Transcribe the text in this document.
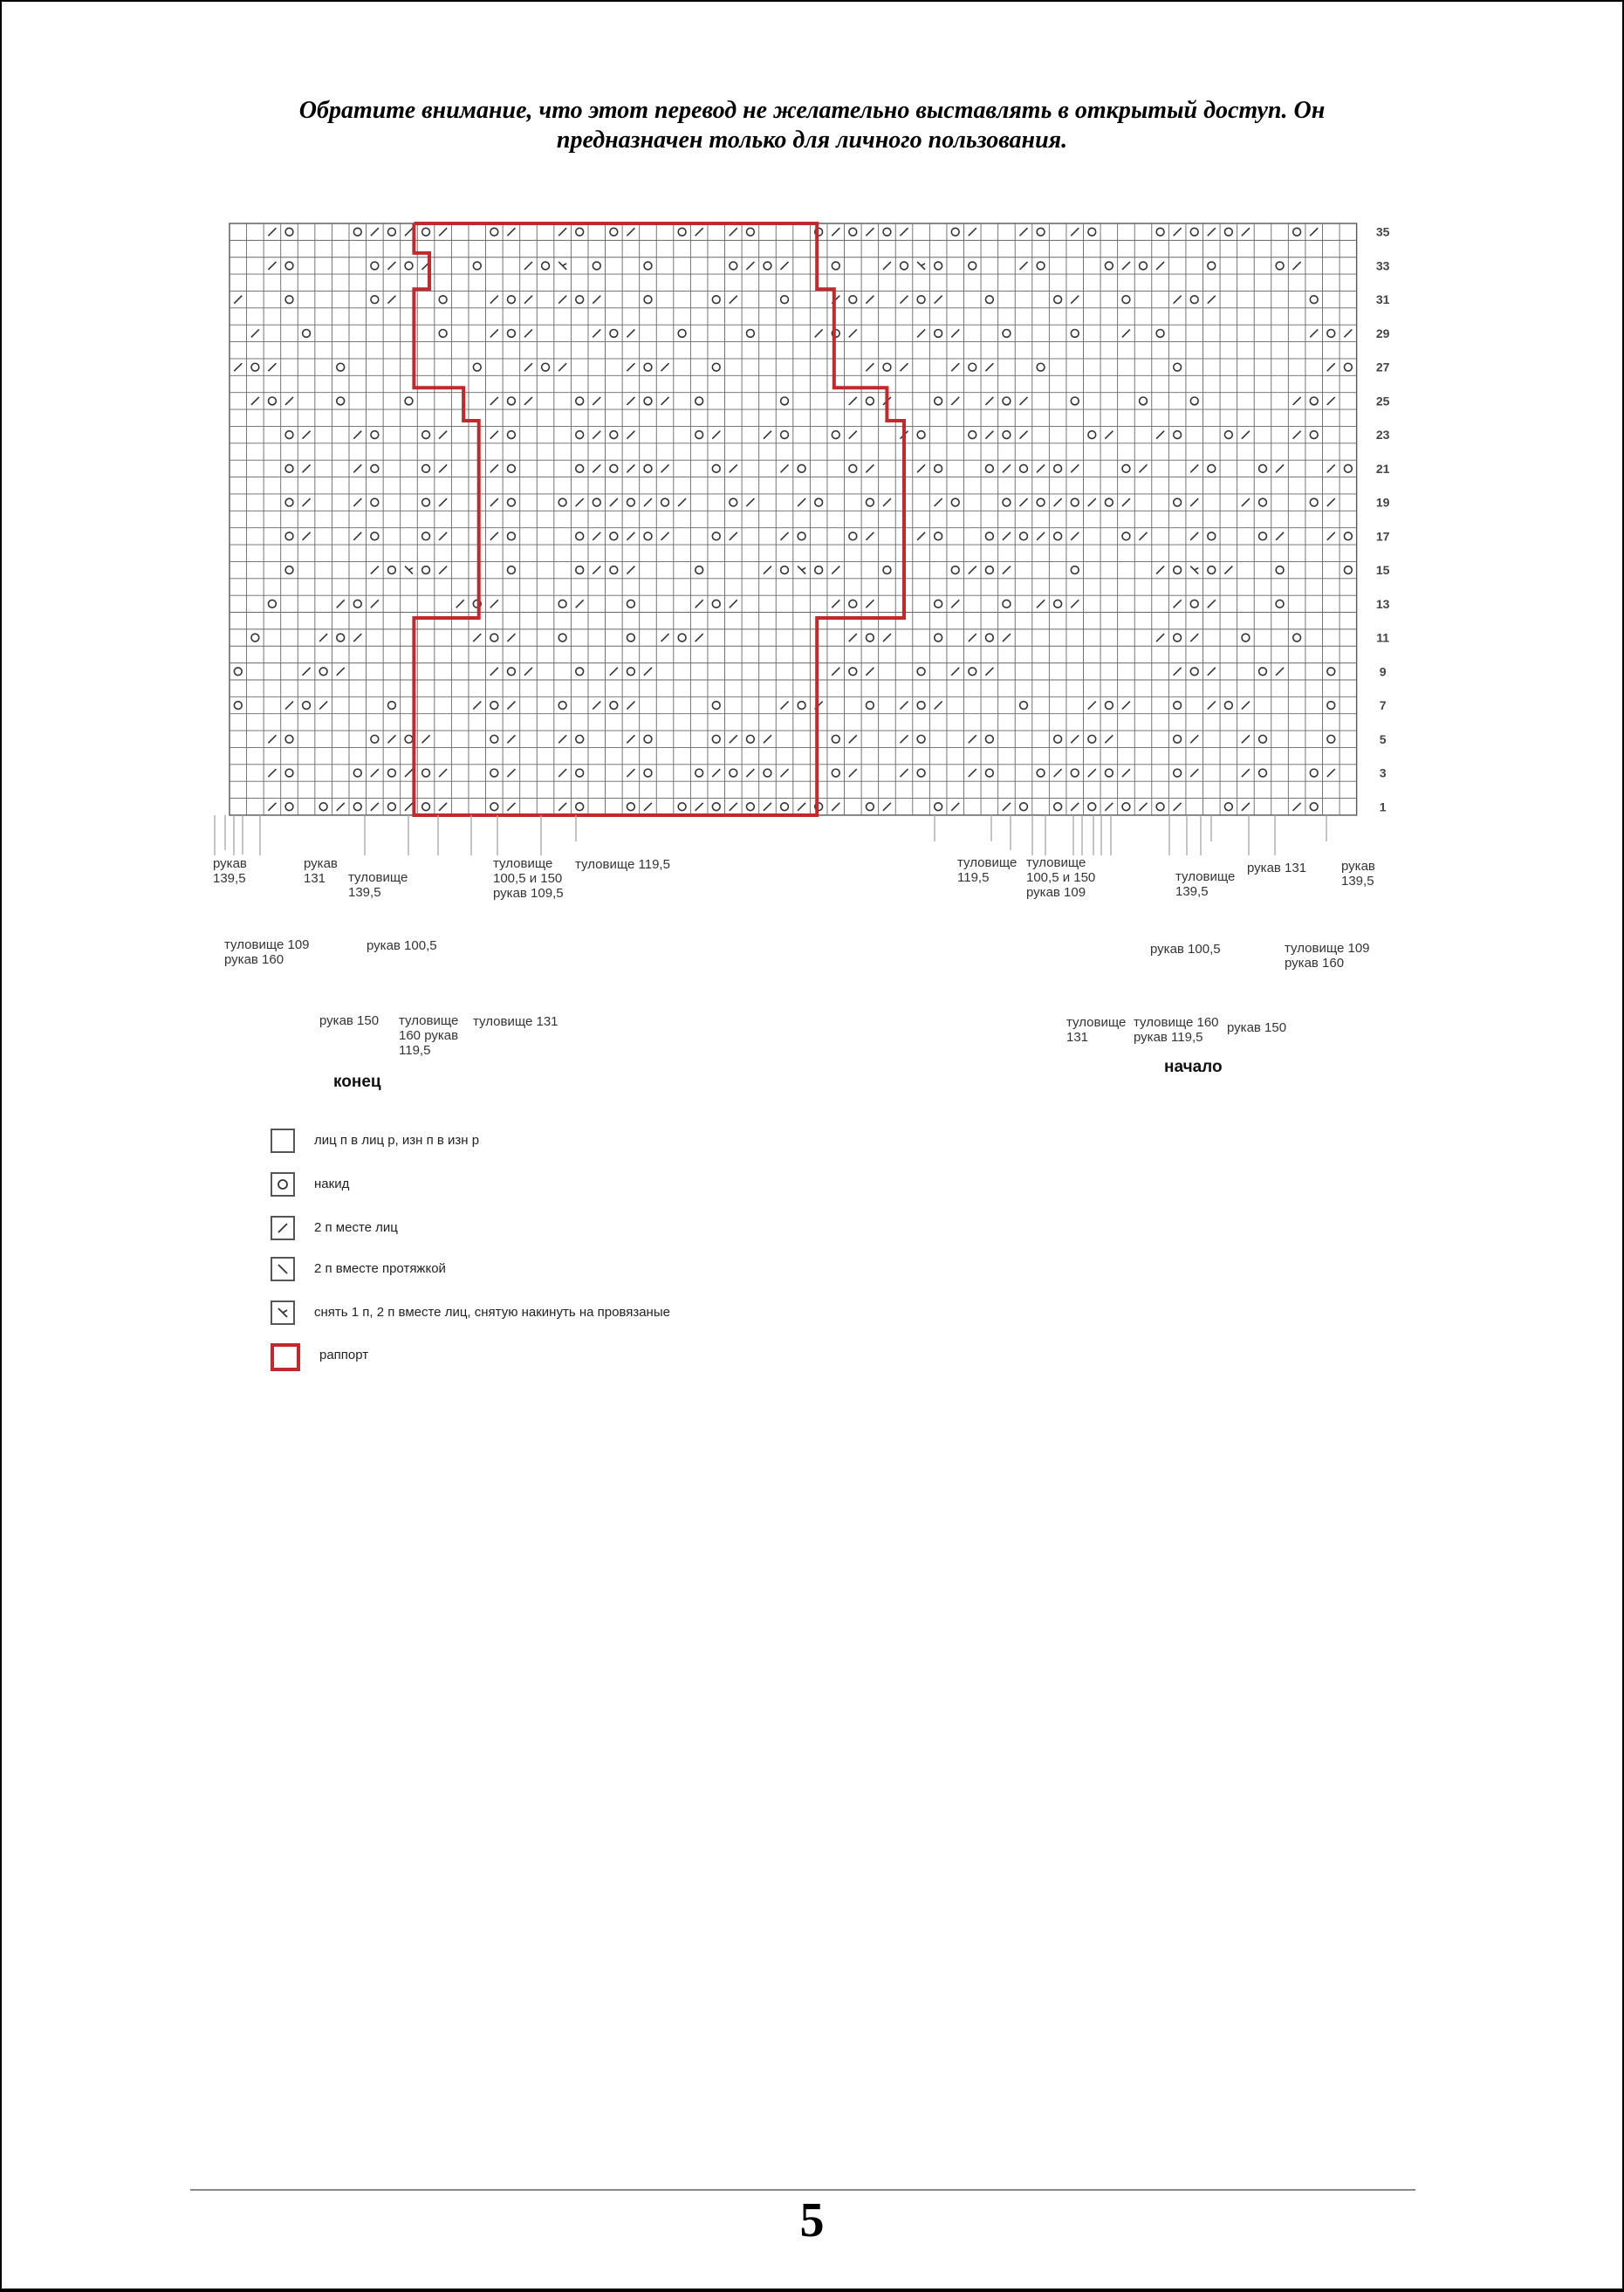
Обратите внимание, что этот перевод не желательно выставлять в открытый доступ. Он
предназначен только для личного пользования.
35
33
31
29
27
25
23
21
19
17
15
13
11
9
7
5
3
1
рукав 139,5
рукав 131	туловище 139,5
туловище 100,5 и 150 рукав 109,5
туловище 119,5
туловище 109 рукав 160
рукав 100,5
рукав 150 туловище 160 рукав 119,5
туловище 131
туловище 119,5
туловище 100,5 и 150 рукав 109
туловище 139,5
рукав 131	рукав 139,5
рукав 100,5	туловище 109 рукав 160
туловище 131
туловище 160 рукав 119,5
рукав 150
конец
начало
лиц п в лиц р, изн п в изн р
накид
2 п месте лиц
2 п вместе протяжкой
снять 1 п, 2 п вместе лиц, снятую накинуть на провязаные
раппорт
5
